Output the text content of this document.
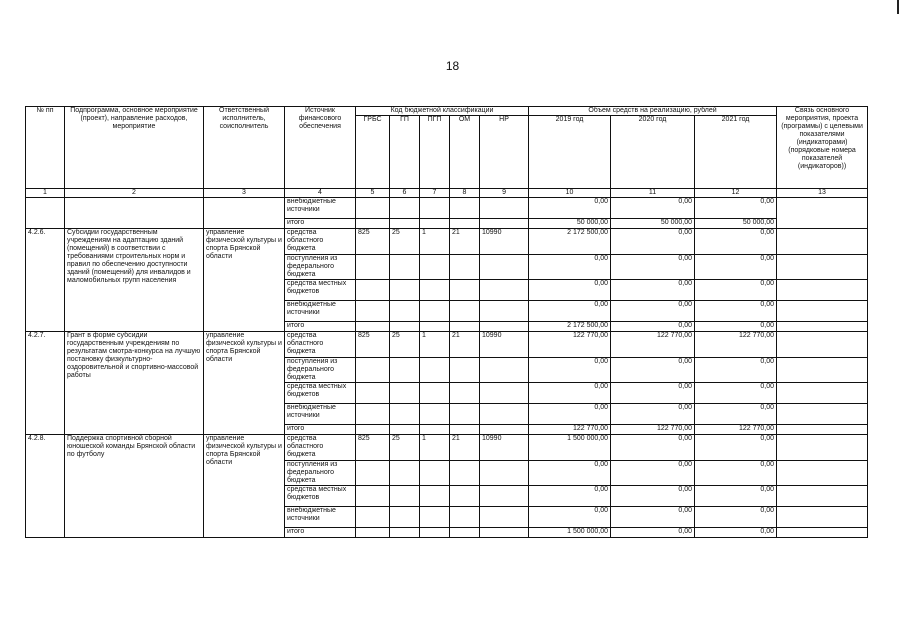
18
№ пп	Подпрограмма, основное мероприятие (проект), направление расходов, мероприятие	Ответственный исполнитель, соисполнитель	Источник финансового обеспечения	Код бюджетной классификации					Объем средств на реализацию, рублей			Связь основного мероприятия, проекта (программы) с целевыми показателями (индикаторами) (порядковые номера показателей (индикаторов))
				ГРБС	ГП	ПГП	ОМ	НР	2019 год	2020 год	2021 год	
1	2	3	4	5	6	7	8	9	10	11	12	13
			внебюджетные источники						0,00	0,00	0,00	
			итого						50 000,00	50 000,00	50 000,00	
4.2.6.	Субсидии государственным учреждениям на адаптацию зданий (помещений) в соответствии с требованиями строительных норм и правил по обеспечению доступности зданий (помещений) для инвалидов и маломобильных групп населения	управление физической культуры и спорта Брянской области	средства областного бюджета	825	25	1	21	10990	2 172 500,00	0,00	0,00	
			поступления из федерального бюджета						0,00	0,00	0,00	
			средства местных бюджетов						0,00	0,00	0,00	
			внебюджетные источники						0,00	0,00	0,00	
			итого						2 172 500,00	0,00	0,00	
4.2.7.	Грант в форме субсидии государственным учреждениям по результатам смотра-конкурса на лучшую постановку физкультурно-оздоровительной и спортивно-массовой работы	управление физической культуры и спорта Брянской области	средства областного бюджета	825	25	1	21	10990	122 770,00	122 770,00	122 770,00	
			поступления из федерального бюджета						0,00	0,00	0,00	
			средства местных бюджетов						0,00	0,00	0,00	
			внебюджетные источники						0,00	0,00	0,00	
			итого						122 770,00	122 770,00	122 770,00	
4.2.8.	Поддержка спортивной сборной юношеской команды Брянской области по футболу	управление физической культуры и спорта Брянской области	средства областного бюджета	825	25	1	21	10990	1 500 000,00	0,00	0,00	
			поступления из федерального бюджета						0,00	0,00	0,00	
			средства местных бюджетов						0,00	0,00	0,00	
			внебюджетные источники						0,00	0,00	0,00	
			итого						1 500 000,00	0,00	0,00	
